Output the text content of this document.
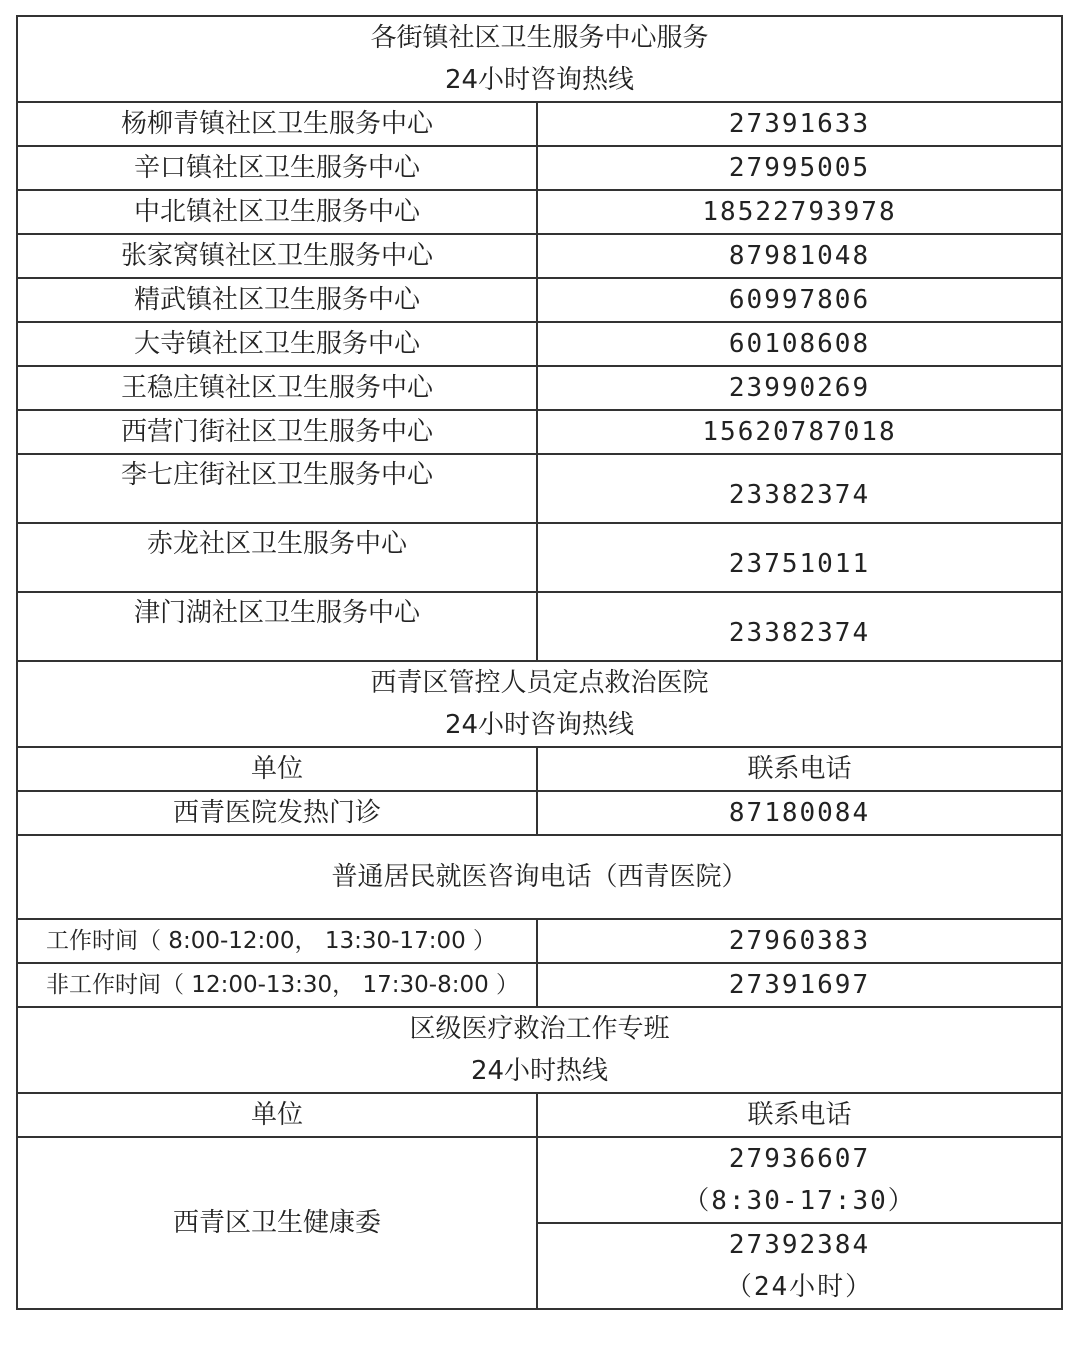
各街镇社区卫生服务中心服务
24小时咨询热线	

杨柳青镇社区卫生服务中心	27391633
辛口镇社区卫生服务中心	27995005
中北镇社区卫生服务中心	18522793978
张家窝镇社区卫生服务中心	87981048
精武镇社区卫生服务中心	60997806
大寺镇社区卫生服务中心	60108608
王稳庄镇社区卫生服务中心	23990269
西营门街社区卫生服务中心	15620787018
李七庄街社区卫生服务中心	23382374
赤龙社区卫生服务中心	23751011
津门湖社区卫生服务中心	23382374

西青区管控人员定点救治医院
24小时咨询热线	

单位	联系电话
西青医院发热门诊	87180084
普通居民就医咨询电话（西青医院）	
工作时间（ 8:00-12:00， 13:30-17:00 ）	27960383
非工作时间（ 12:00-13:30， 17:30-8:00 ）	27391697

区级医疗救治工作专班
24小时热线	

单位	联系电话
西青区卫生健康委	27936607
（8:30-17:30）

	27392384
（24小时）
